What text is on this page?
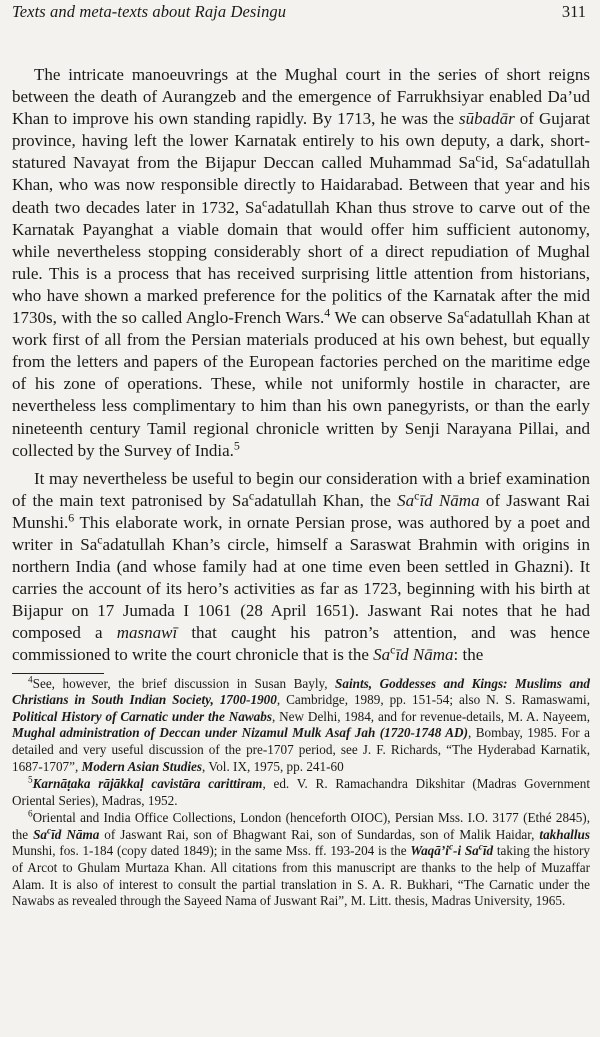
Texts and meta-texts about Raja Desingu	311

The intricate manoeuvrings at the Mughal court in the series of short reigns between the death of Aurangzeb and the emergence of Farrukhsiyar enabled Da’ud Khan to improve his own standing rapidly. By 1713, he was the sūbadār of Gujarat province, having left the lower Karnatak entirely to his own deputy, a dark, short-statured Navayat from the Bijapur Deccan called Muhammad Sa$^c$id, Sa$^c$adatullah Khan, who was now responsible directly to Haidarabad. Between that year and his death two decades later in 1732, Sa$^c$adatullah Khan thus strove to carve out of the Karnatak Payanghat a viable domain that would offer him sufficient autonomy, while nevertheless stopping considerably short of a direct repudiation of Mughal rule. This is a process that has received surprising little attention from historians, who have shown a marked preference for the politics of the Karnatak after the mid 1730s, with the so called Anglo-French Wars.$^4$ We can observe Sa$^c$adatullah Khan at work first of all from the Persian materials produced at his own behest, but equally from the letters and papers of the European factories perched on the maritime edge of his zone of operations. These, while not uniformly hostile in character, are nevertheless less complimentary to him than his own panegyrists, or than the early nineteenth century Tamil regional chronicle written by Senji Narayana Pillai, and collected by the Survey of India.$^5$

It may nevertheless be useful to begin our consideration with a brief examination of the main text patronised by Sa$^c$adatullah Khan, the Sa$^c$īd Nāma of Jaswant Rai Munshi.$^6$ This elaborate work, in ornate Persian prose, was authored by a poet and writer in Sa$^c$adatullah Khan’s circle, himself a Saraswat Brahmin with origins in northern India (and whose family had at one time even been settled in Ghazni). It carries the account of its hero’s activities as far as 1723, beginning with his birth at Bijapur on 17 Jumada I 1061 (28 April 1651). Jaswant Rai notes that he had composed a masnawī that caught his patron’s attention, and was hence commissioned to write the court chronicle that is the Sa$^c$īd Nāma: the

$^4$See, however, the brief discussion in Susan Bayly, Saints, Goddesses and Kings: Muslims and Christians in South Indian Society, 1700-1900, Cambridge, 1989, pp. 151-54; also N. S. Ramaswami, Political History of Carnatic under the Nawabs, New Delhi, 1984, and for revenue-details, M. A. Nayeem, Mughal administration of Deccan under Nizamul Mulk Asaf Jah (1720-1748 AD), Bombay, 1985. For a detailed and very useful discussion of the pre-1707 period, see J. F. Richards, “The Hyderabad Karnatik, 1687-1707”, Modern Asian Studies, Vol. IX, 1975, pp. 241-60

$^5$Karnāṭaka rājākkaḷ cavistāra carittiram, ed. V. R. Ramachandra Dikshitar (Madras Government Oriental Series), Madras, 1952.

$^6$Oriental and India Office Collections, London (henceforth OIOC), Persian Mss. I.O. 3177 (Ethé 2845), the Sa$^c$īd Nāma of Jaswant Rai, son of Bhagwant Rai, son of Sundardas, son of Malik Haidar, takhallus Munshi, fos. 1-184 (copy dated 1849); in the same Mss. ff. 193-204 is the $Waqā’i^c-i$ Sa$^c$īd taking the history of Arcot to Ghulam Murtaza Khan. All citations from this manuscript are thanks to the help of Muzaffar Alam. It is also of interest to consult the partial translation in S. A. R. Bukhari, “The Carnatic under the Nawabs as revealed through the Sayeed Nama of Juswant Rai”, M. Litt. thesis, Madras University, 1965.
